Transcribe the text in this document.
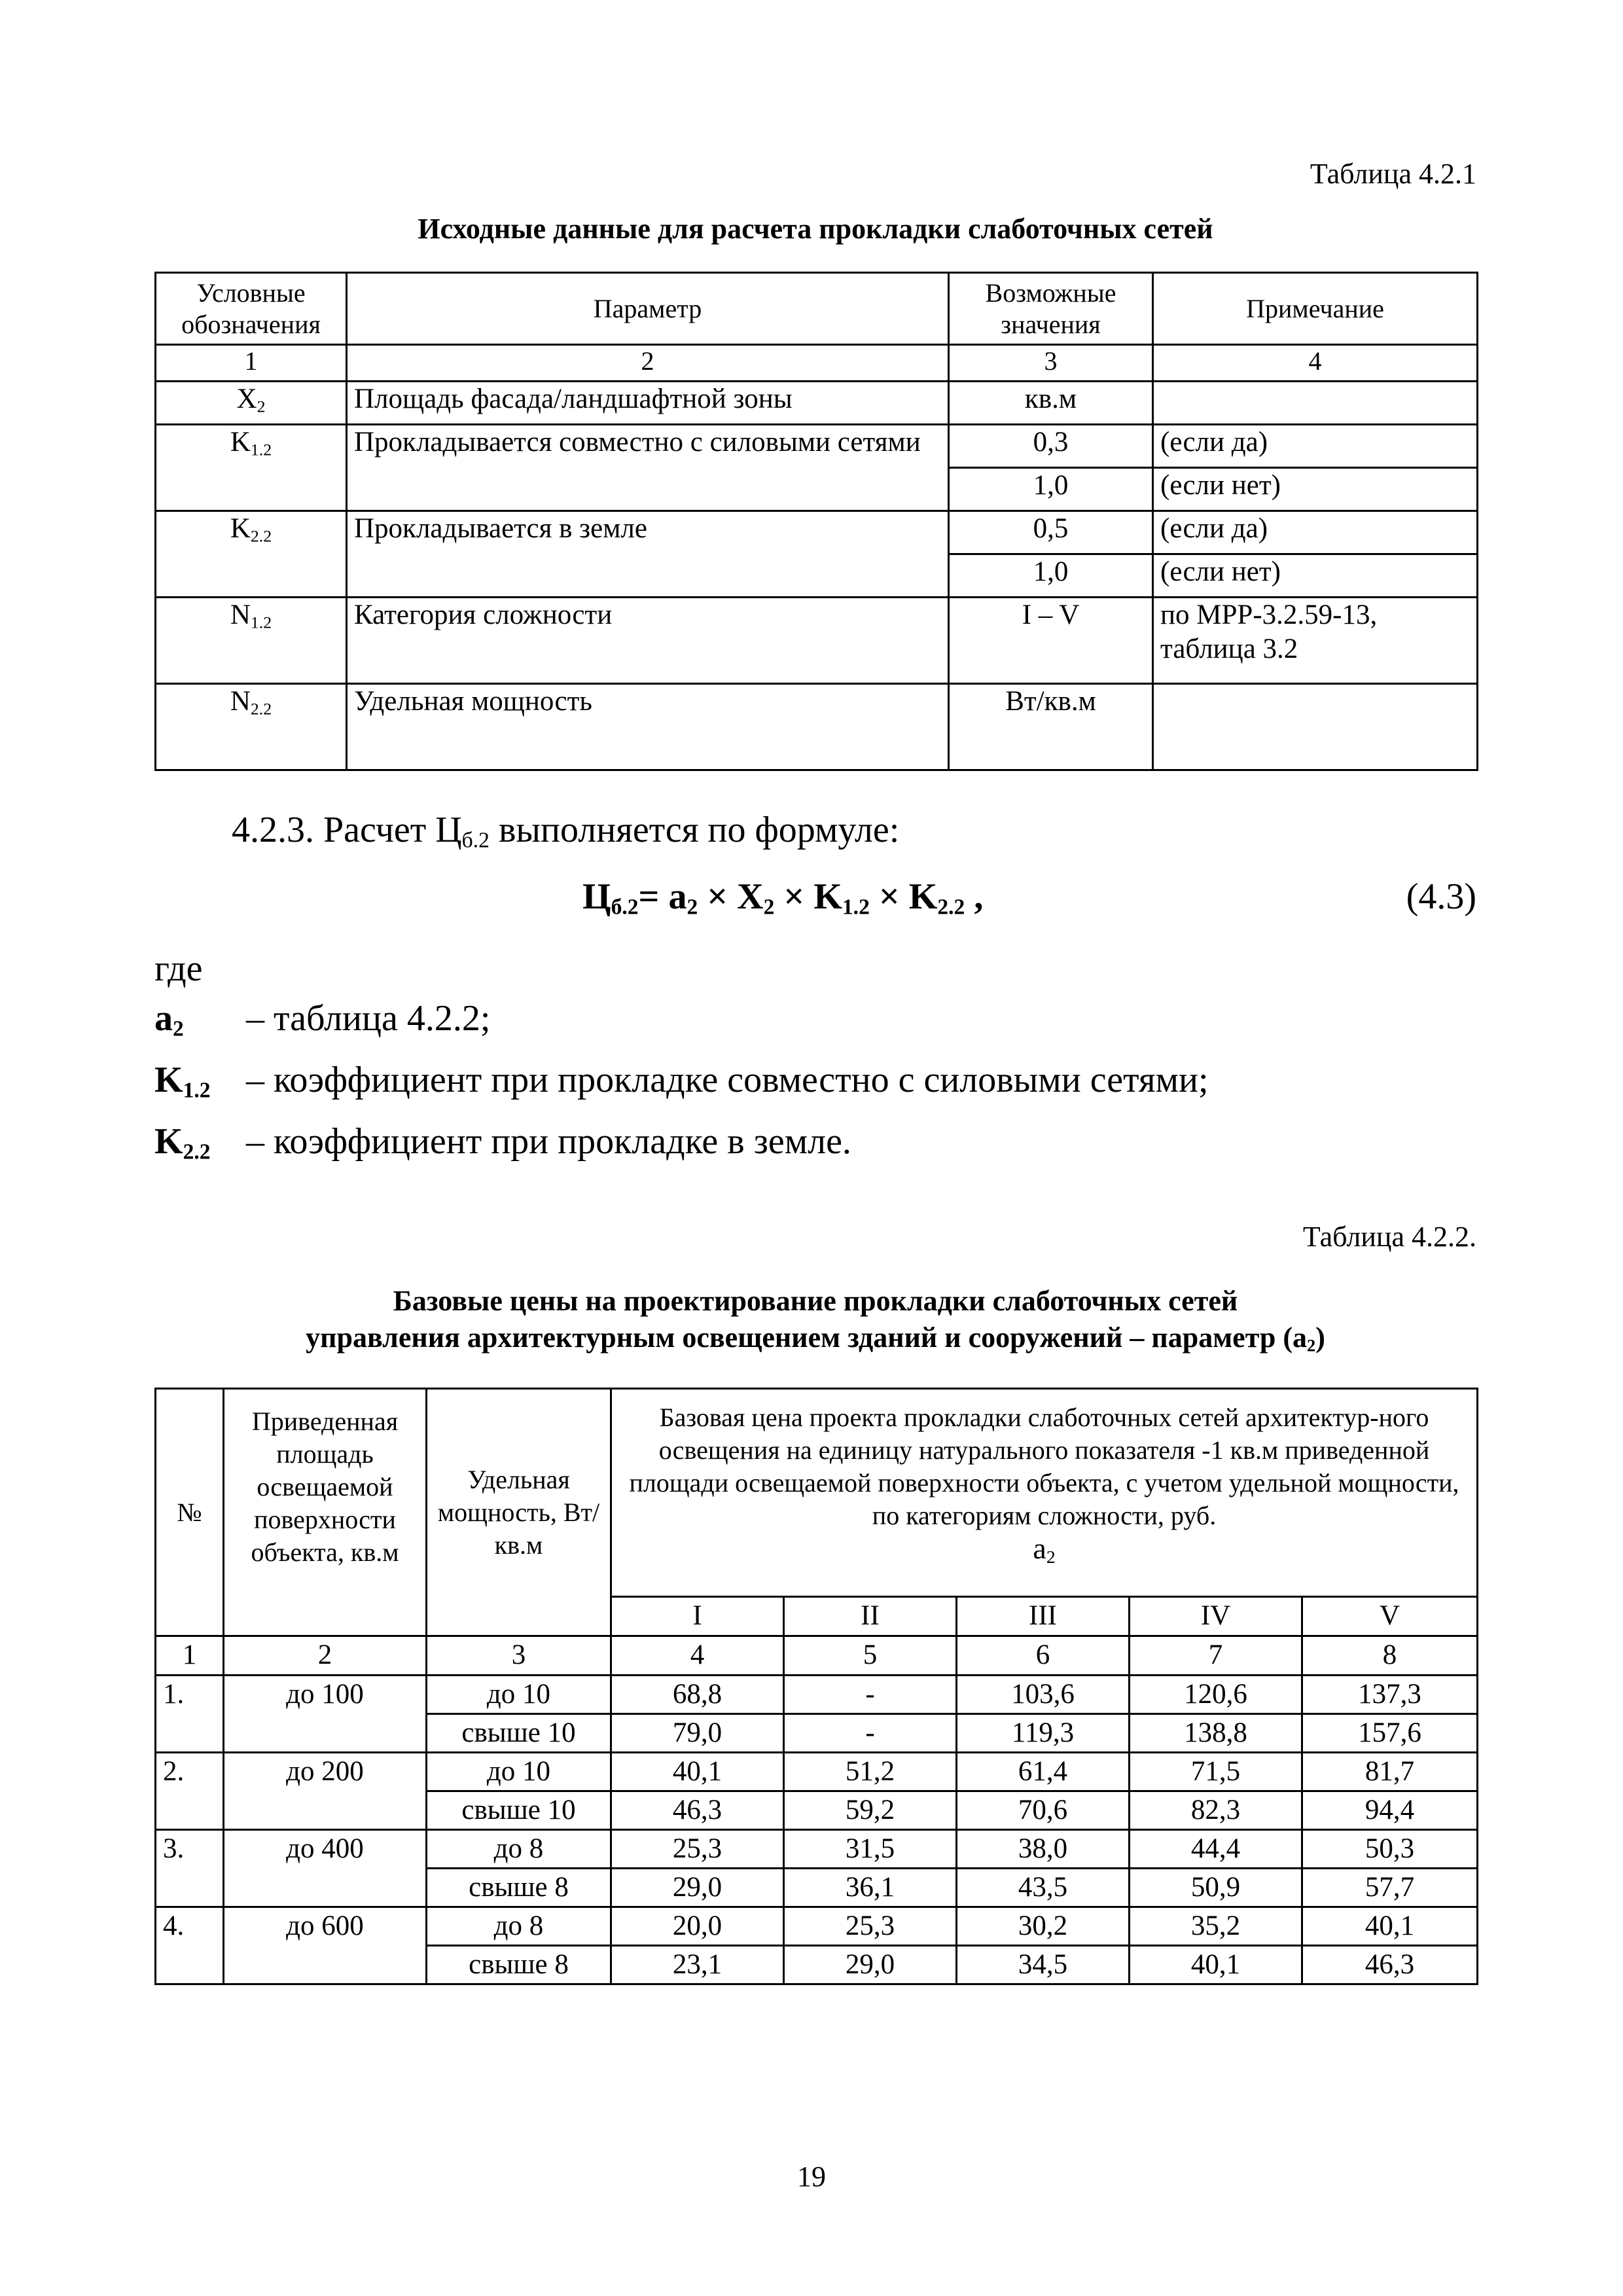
Таблица 4.2.1
Исходные данные для расчета прокладки слаботочных сетей
Условные обозначения	Параметр	Возможные значения	Примечание
1	2	3	4
$X_2$	Площадь фасада/ландшафтной зоны	кв.м	
$K_{1.2}$	Прокладывается совместно с силовыми сетями	0,3	(если да)
		1,0	(если нет)
$K_{2.2}$	Прокладывается в земле	0,5	(если да)
		1,0	(если нет)
$N_{1.2}$	Категория сложности	I – V	по МРР-3.2.59-13, таблица 3.2
$N_{2.2}$	Удельная мощность	Вт/кв.м	
4.2.3. Расчет $Ц_{б.2}$ выполняется по формуле:
$Ц_{б.2}= a_2 \times X_2 \times K_{1.2} \times K_{2.2}$ ,	(4.3)
где
$a_2$ – таблица 4.2.2;
$K_{1.2}$ – коэффициент при прокладке совместно с силовыми сетями;
$K_{2.2}$ – коэффициент при прокладке в земле.
Таблица 4.2.2.
Базовые цены на проектирование прокладки слаботочных сетей
управления архитектурным освещением зданий и сооружений – параметр $(a_2)$
№	Приведенная площадь освещаемой поверхности объекта, кв.м	Удельная мощность, Вт/кв.м	Базовая цена проекта прокладки слаботочных сетей архитектур-ного освещения на единицу натурального показателя -1 кв.м приведенной площади освещаемой поверхности объекта, с учетом удельной мощности, по категориям сложности, руб.
$a_2$

			I	II	III	IV	V
1	2	3	4	5	6	7	8
1.	до 100	до 10	68,8	-	103,6	120,6	137,3
		свыше 10	79,0	-	119,3	138,8	157,6
2.	до 200	до 10	40,1	51,2	61,4	71,5	81,7
		свыше 10	46,3	59,2	70,6	82,3	94,4
3.	до 400	до 8	25,3	31,5	38,0	44,4	50,3
		свыше 8	29,0	36,1	43,5	50,9	57,7
4.	до 600	до 8	20,0	25,3	30,2	35,2	40,1
		свыше 8	23,1	29,0	34,5	40,1	46,3
19
